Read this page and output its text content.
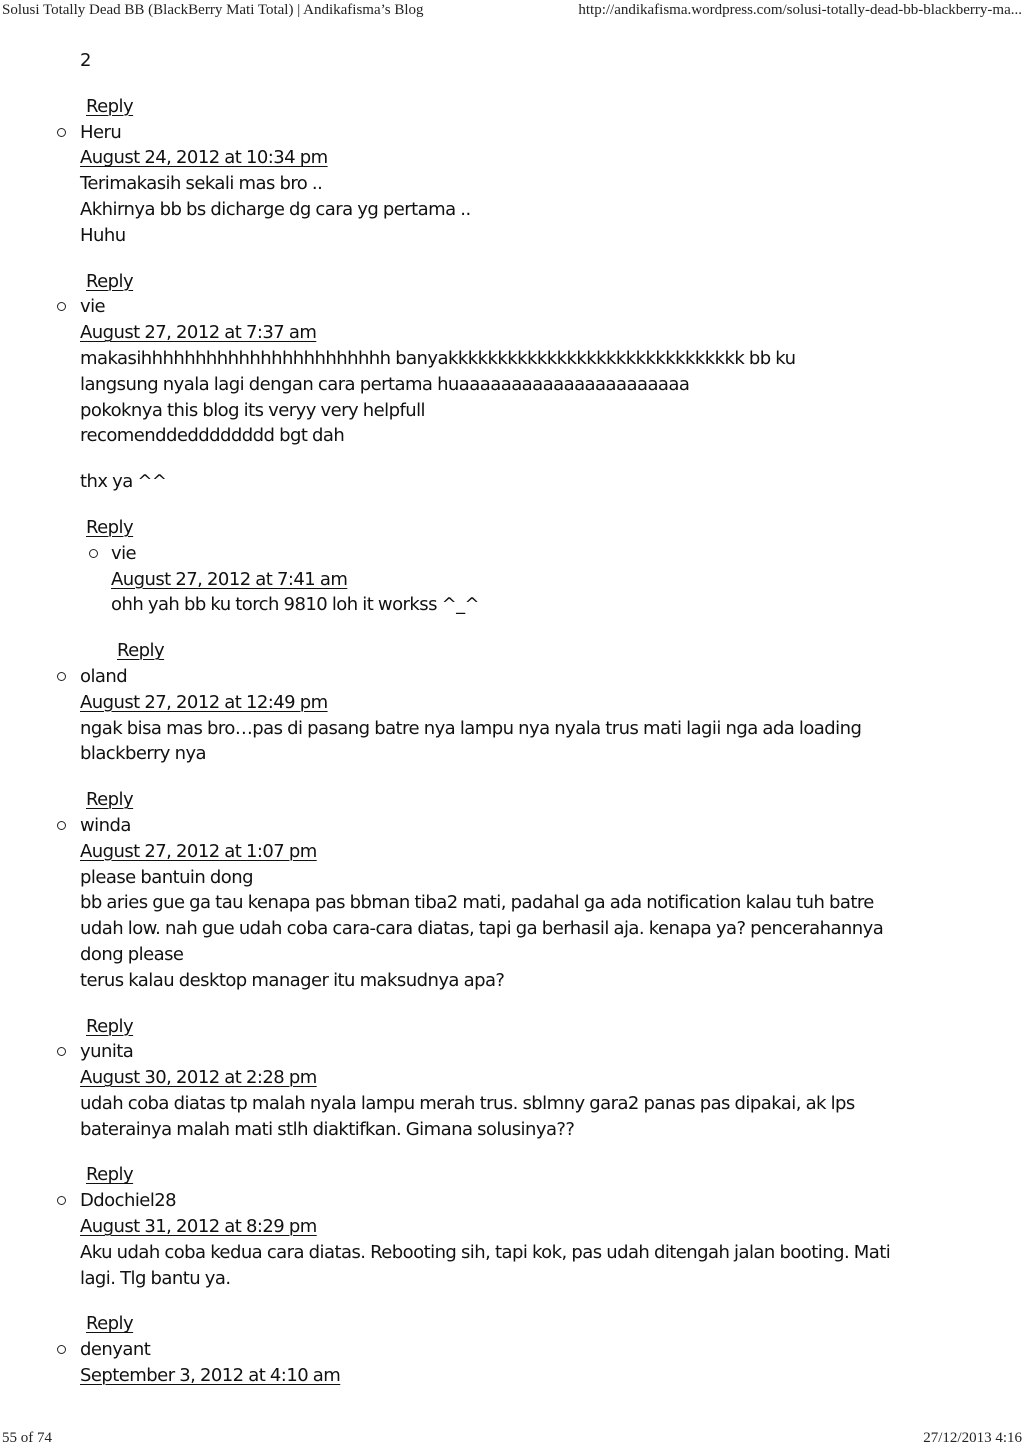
Solusi Totally Dead BB (BlackBerry Mati Total) | Andikafisma’s Blog	http://andikafisma.wordpress.com/solusi-totally-dead-bb-blackberry-ma...
2
Reply
Heru
August 24, 2012 at 10:34 pm
Terimakasih sekali mas bro ..
Akhirnya bb bs dicharge dg cara yg pertama ..
Huhu
Reply
vie
August 27, 2012 at 7:37 am
makasihhhhhhhhhhhhhhhhhhhhhhh banyakkkkkkkkkkkkkkkkkkkkkkkkkkkkkk bb ku
langsung nyala lagi dengan cara pertama huaaaaaaaaaaaaaaaaaaaaaa
pokoknya this blog its veryy very helpfull
recomenddedddddddd bgt dah
thx ya ^^
Reply
vie
August 27, 2012 at 7:41 am
ohh yah bb ku torch 9810 loh it workss ^_^
Reply
oland
August 27, 2012 at 12:49 pm
ngak bisa mas bro…pas di pasang batre nya lampu nya nyala trus mati lagii nga ada loading
blackberry nya
Reply
winda
August 27, 2012 at 1:07 pm
please bantuin dong
bb aries gue ga tau kenapa pas bbman tiba2 mati, padahal ga ada notification kalau tuh batre
udah low. nah gue udah coba cara-cara diatas, tapi ga berhasil aja. kenapa ya? pencerahannya
dong please
terus kalau desktop manager itu maksudnya apa?
Reply
yunita
August 30, 2012 at 2:28 pm
udah coba diatas tp malah nyala lampu merah trus. sblmny gara2 panas pas dipakai, ak lps
baterainya malah mati stlh diaktifkan. Gimana solusinya??
Reply
Ddochiel28
August 31, 2012 at 8:29 pm
Aku udah coba kedua cara diatas. Rebooting sih, tapi kok, pas udah ditengah jalan booting. Mati
lagi. Tlg bantu ya.
Reply
denyant
September 3, 2012 at 4:10 am
55 of 74	27/12/2013 4:16
